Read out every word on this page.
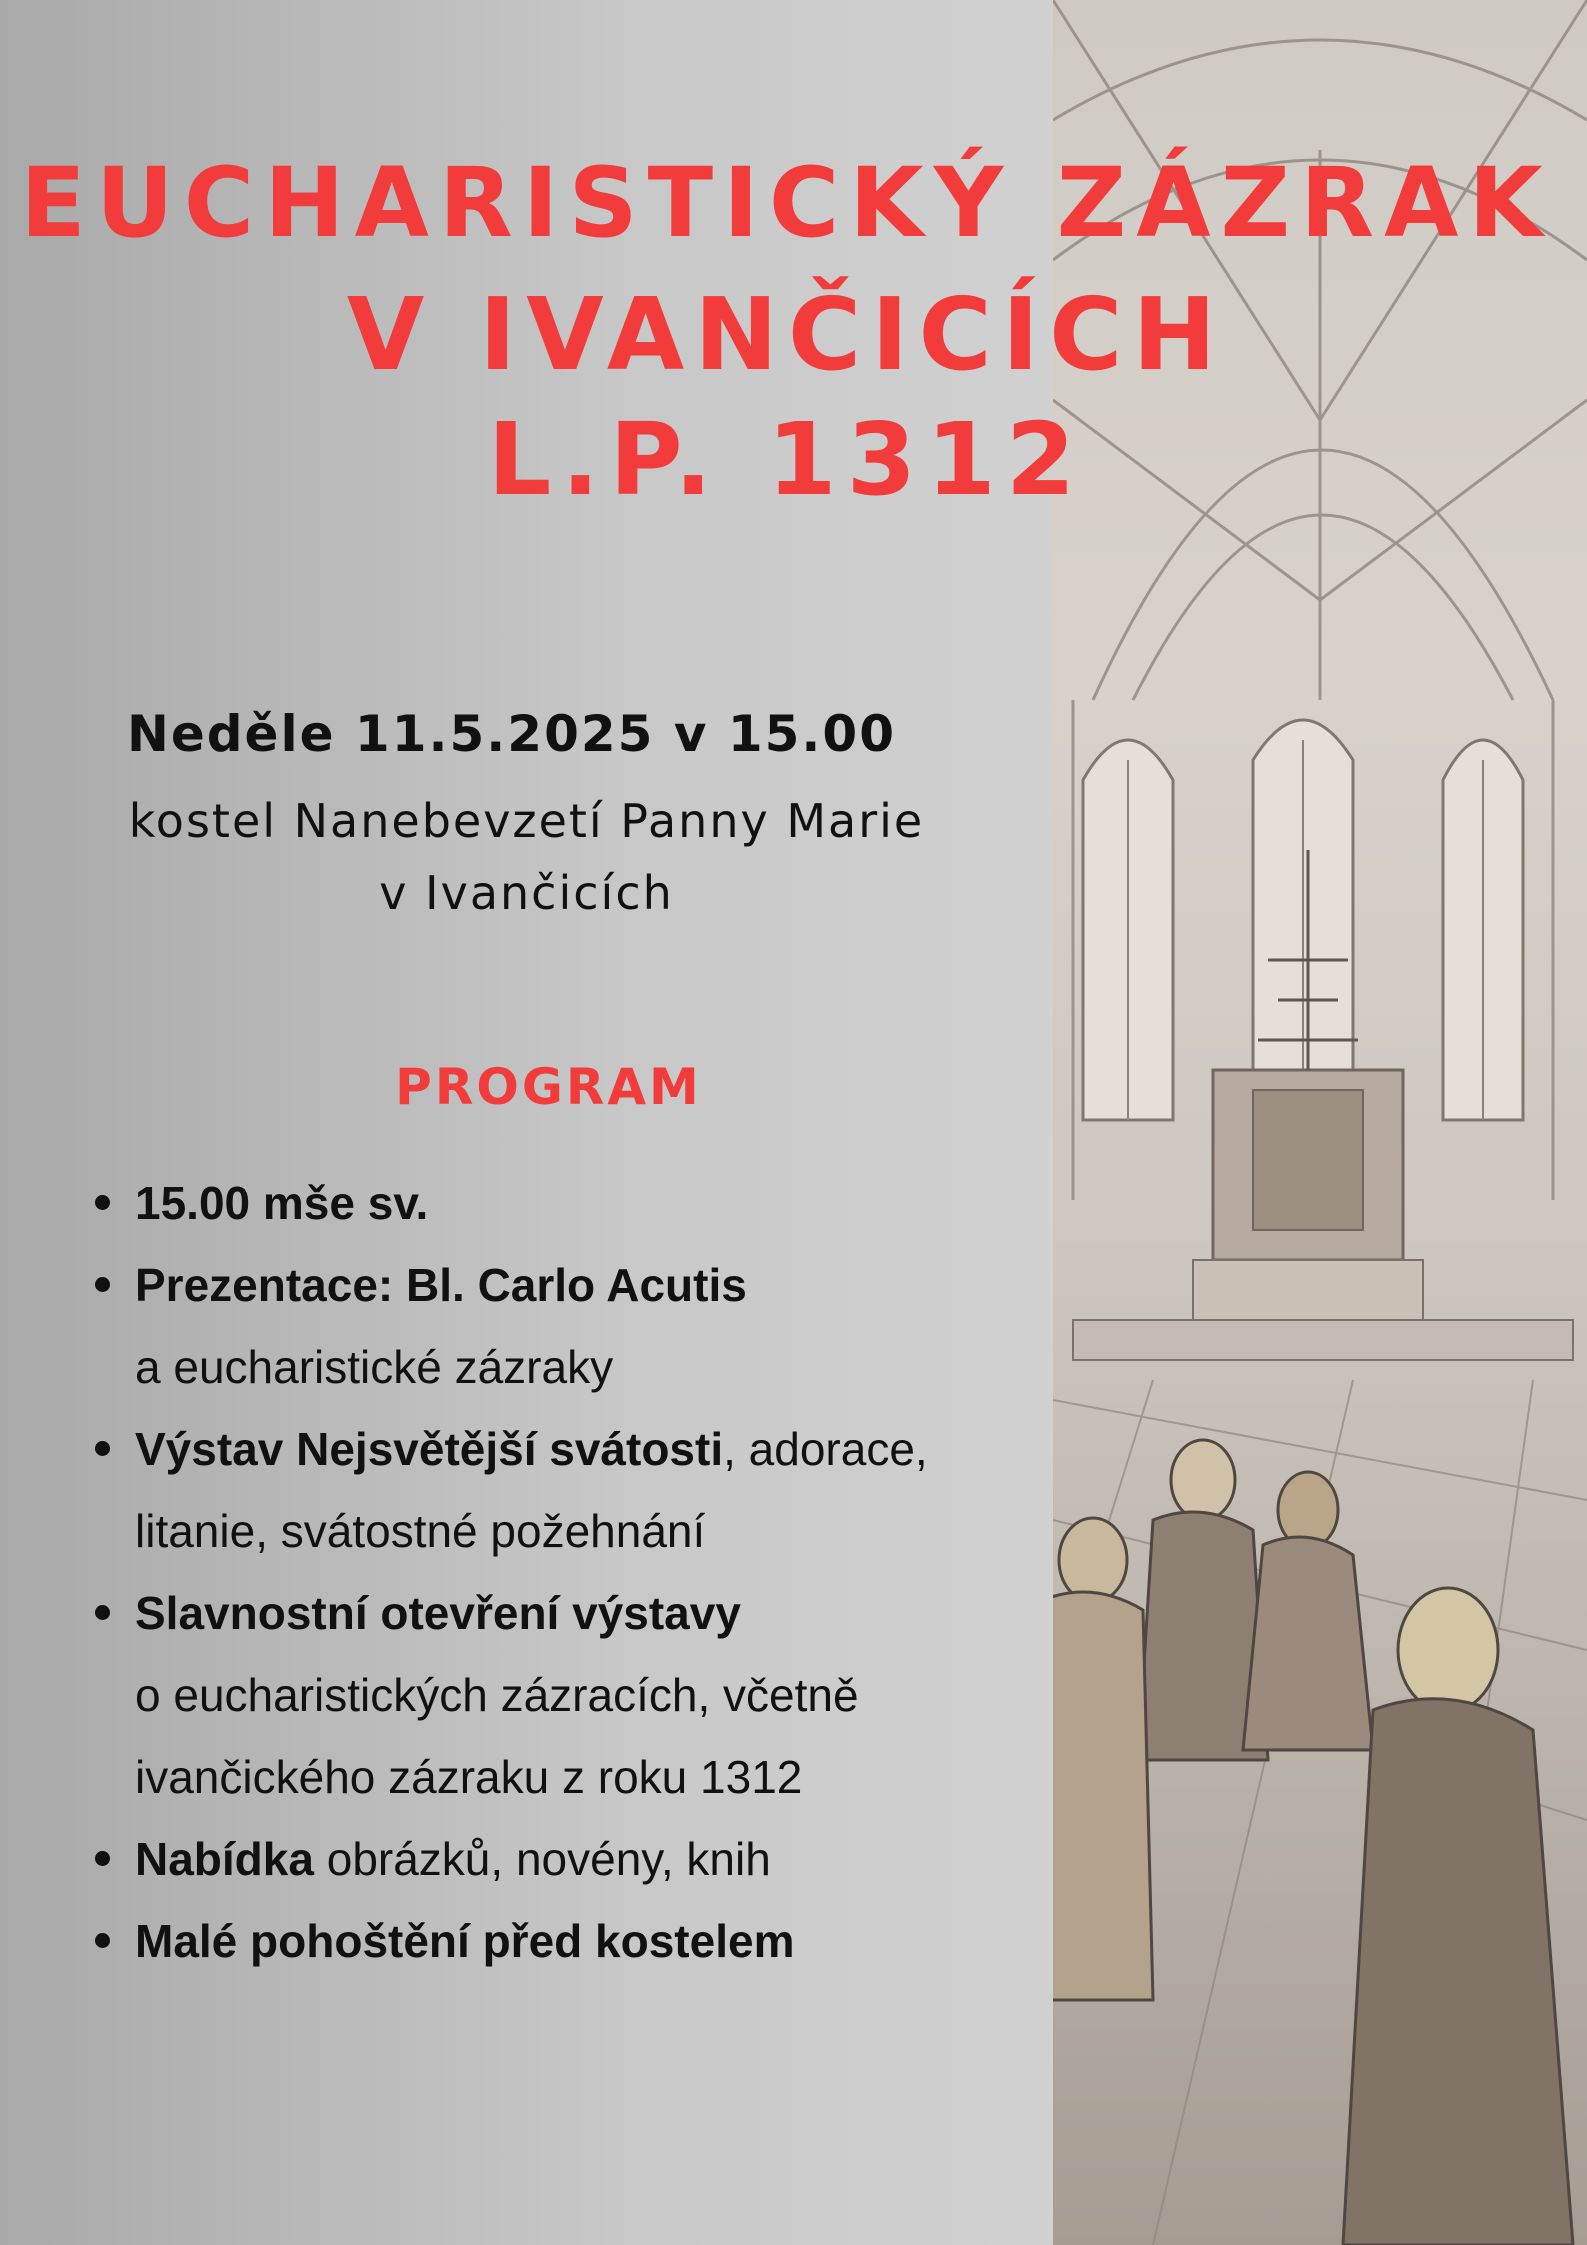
EUCHARISTICKÝ ZÁZRAK
V IVANČICÍCH
L.P. 1312

Neděle 11.5.2025 v 15.00

kostel Nanebevzetí Panny Marie

v Ivančicích

PROGRAM
15.00 mše sv.
Prezentace: Bl. Carlo Acutis
a eucharistické zázraky
Výstav Nejsvětější svátosti, adorace,
litanie, svátostné požehnání
Slavnostní otevření výstavy
o eucharistických zázracích, včetně
ivančického zázraku z roku 1312
Nabídka obrázků, novény, knih
Malé pohoštění před kostelem
